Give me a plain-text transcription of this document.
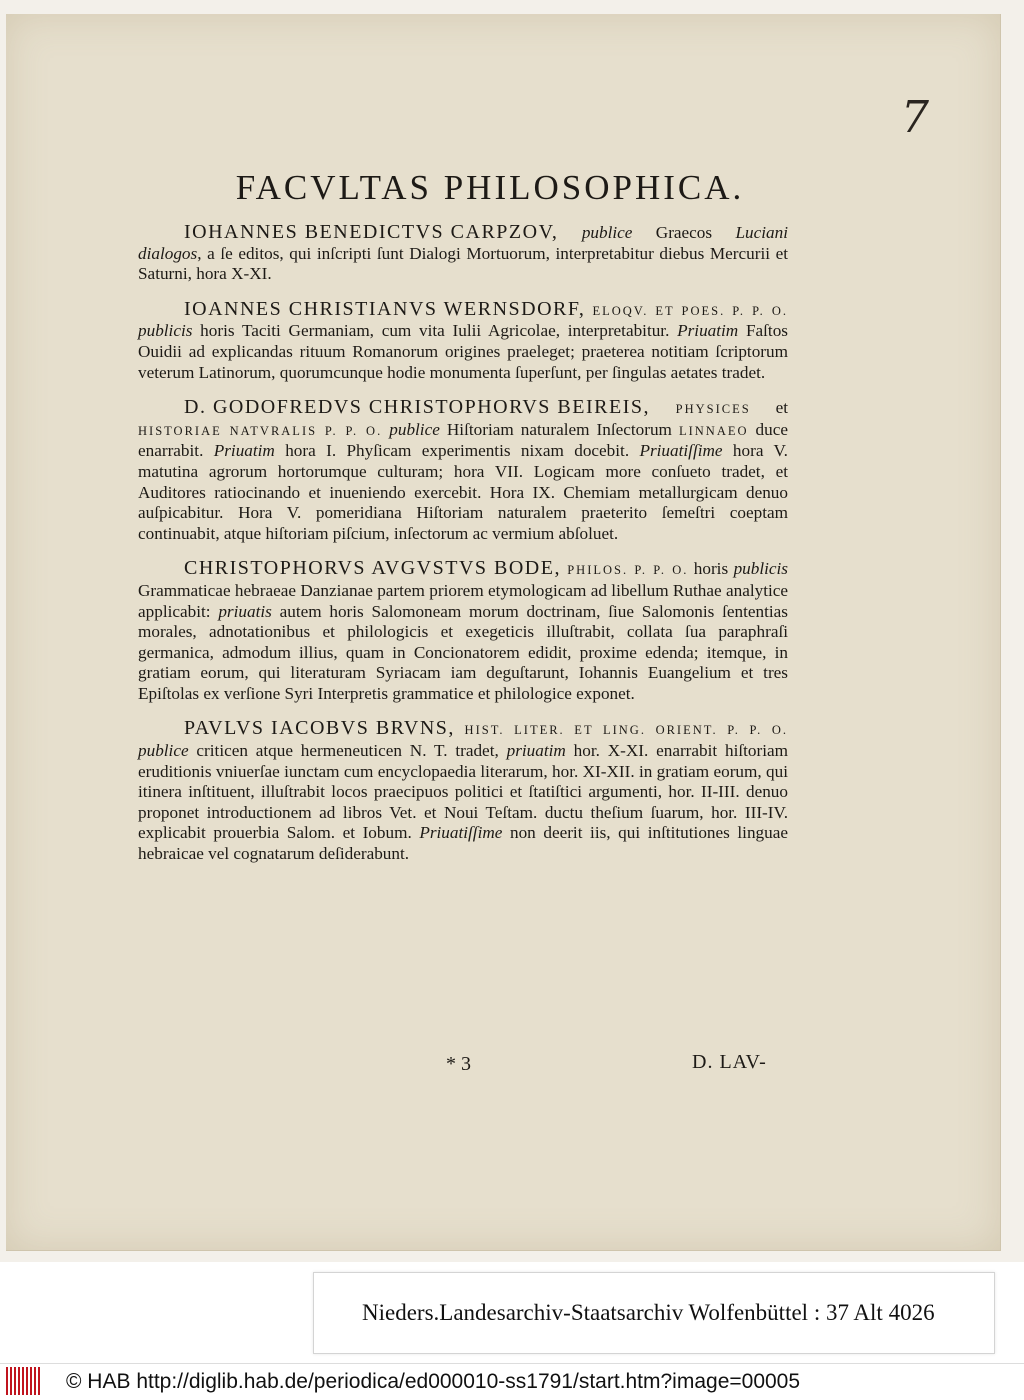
7
FACVLTAS PHILOSOPHICA.

IOHANNES BENEDICTVS CARPZOV, publice Graecos Luciani dialogos, a ſe editos, qui inſcripti ſunt Dialogi Mortuorum, interpretabitur diebus Mercurii et Saturni, hora X-XI.

IOANNES CHRISTIANVS WERNSDORF, ELOQV. ET POES. P. P. O. publicis horis Taciti Germaniam, cum vita Iulii Agricolae, interpretabitur. Priuatim Faſtos Ouidii ad explicandas rituum Romanorum origines praeleget; praeterea notitiam ſcriptorum veterum Latinorum, quorumcunque hodie monumenta ſuperſunt, per ſingulas aetates tradet.

D. GODOFREDVS CHRISTOPHORVS BEIREIS, PHYSICES et HISTORIAE NATVRALIS P. P. O. publice Hiſtoriam naturalem Inſectorum LINNAEO duce enarrabit. Priuatim hora I. Phyſicam experimentis nixam docebit. Priuatiſſime hora V. matutina agrorum hortorumque culturam; hora VII. Logicam more conſueto tradet, et Auditores ratiocinando et inueniendo exercebit. Hora IX. Chemiam metallurgicam denuo auſpicabitur. Hora V. pomeridiana Hiſtoriam naturalem praeterito ſemeſtri coeptam continuabit, atque hiſtoriam piſcium, inſectorum ac vermium abſoluet.

CHRISTOPHORVS AVGVSTVS BODE, PHILOS. P. P. O. horis publicis Grammaticae hebraeae Danzianae partem priorem etymologicam ad libellum Ruthae analytice applicabit: priuatis autem horis Salomoneam morum doctrinam, ſiue Salomonis ſententias morales, adnotationibus et philologicis et exegeticis illuſtrabit, collata ſua paraphraſi germanica, admodum illius, quam in Concionatorem edidit, proxime edenda; itemque, in gratiam eorum, qui literaturam Syriacam iam deguſtarunt, Iohannis Euangelium et tres Epiſtolas ex verſione Syri Interpretis grammatice et philologice exponet.

PAVLVS IACOBVS BRVNS, HIST. LITER. ET LING. ORIENT. P. P. O. publice criticen atque hermeneuticen N. T. tradet, priuatim hor. X-XI. enarrabit hiſtoriam eruditionis vniuerſae iunctam cum encyclopaedia literarum, hor. XI-XII. in gratiam eorum, qui itinera inſtituent, illuſtrabit locos praecipuos politici et ſtatiſtici argumenti, hor. II-III. denuo proponet introductionem ad libros Vet. et Noui Teſtam. ductu theſium ſuarum, hor. III-IV. explicabit prouerbia Salom. et Iobum. Priuatiſſime non deerit iis, qui inſtitutiones linguae hebraicae vel cognatarum deſiderabunt.

* 3	D. LAV-
Nieders.Landesarchiv-Staatsarchiv Wolfenbüttel : 37 Alt 4026
© HAB http://diglib.hab.de/periodica/ed000010-ss1791/start.htm?image=00005
